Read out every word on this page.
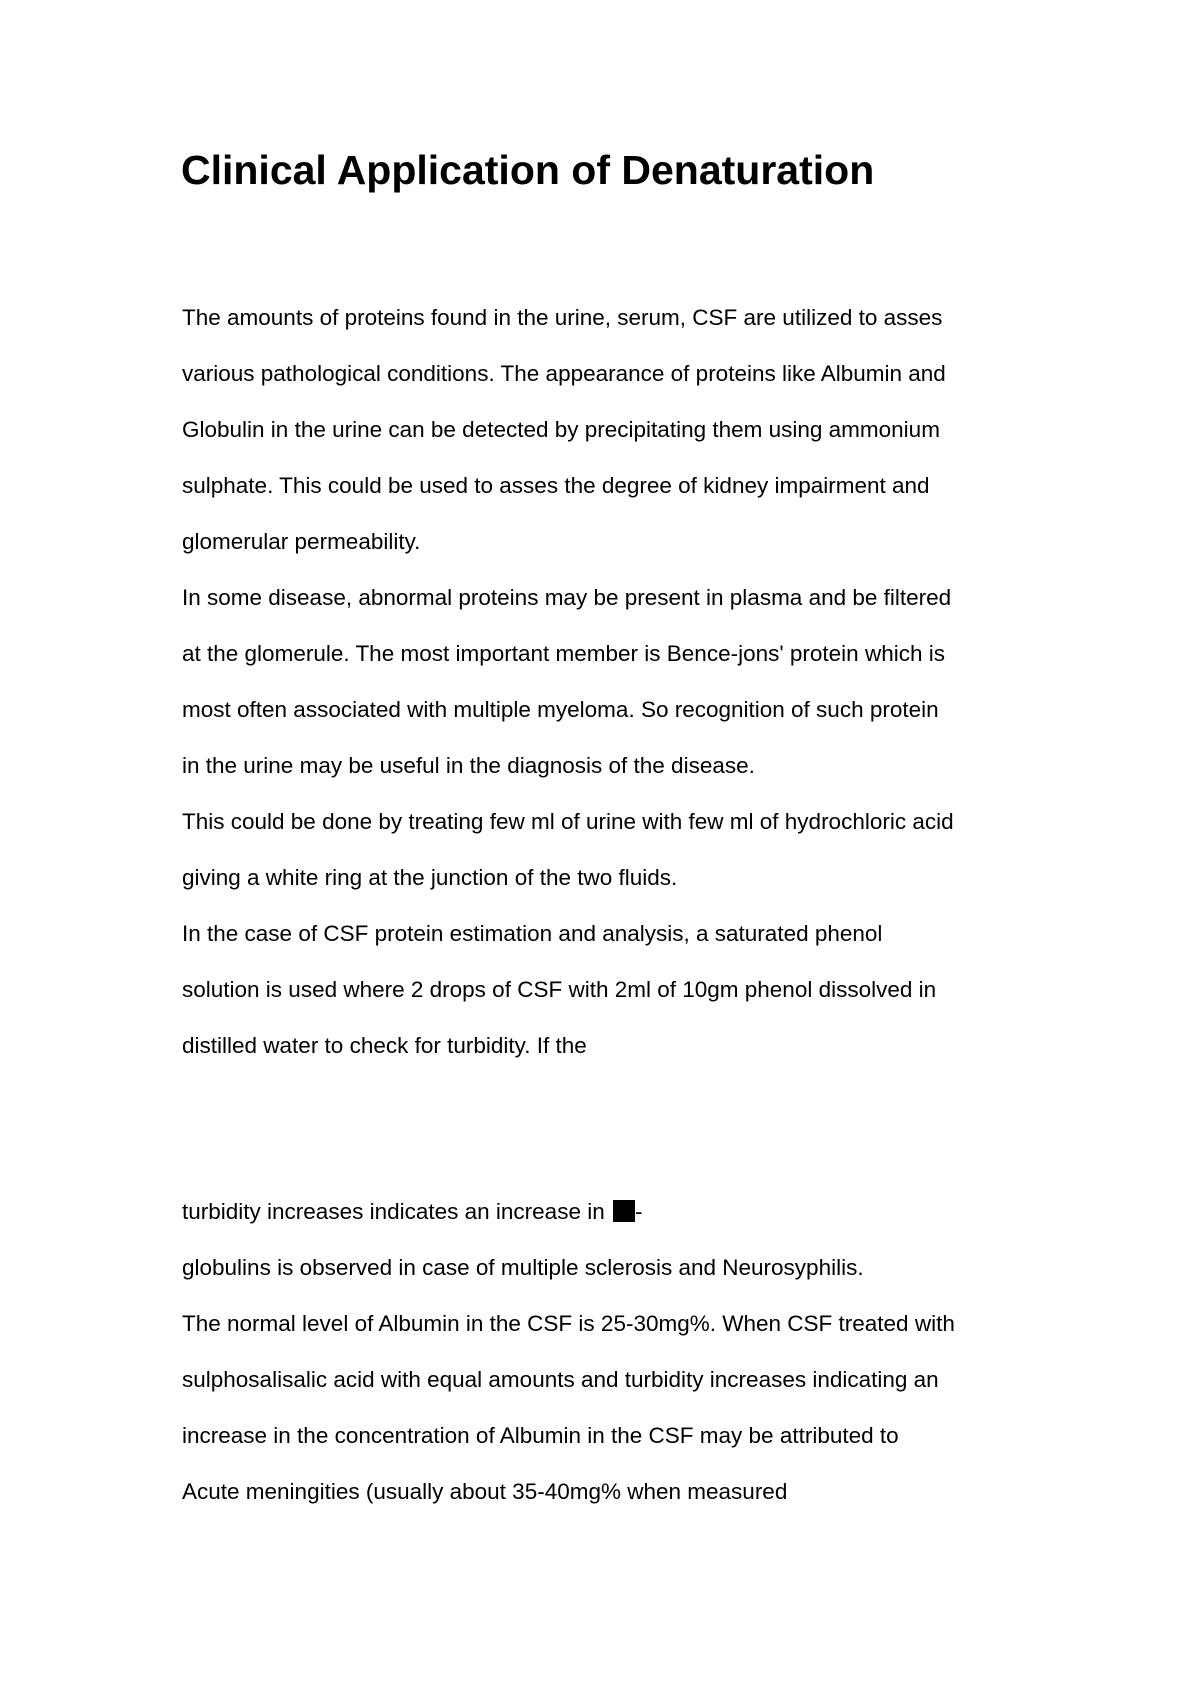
Clinical Application of Denaturation
The amounts of proteins found in the urine, serum, CSF are utilized to asses
various pathological conditions. The appearance of proteins like Albumin and
Globulin in the urine can be detected by precipitating them using ammonium
sulphate. This could be used to asses the degree of kidney impairment and
glomerular permeability.
In some disease, abnormal proteins may be present in plasma and be filtered
at the glomerule. The most important member is Bence-jons' protein which is
most often associated with multiple myeloma. So recognition of such protein
in the urine may be useful in the diagnosis of the disease.
This could be done by treating few ml of urine with few ml of hydrochloric acid
giving a white ring at the junction of the two fluids.
In the case of CSF protein estimation and analysis, a saturated phenol
solution is used where 2 drops of CSF with 2ml of 10gm phenol dissolved in
distilled water to check for turbidity. If the
turbidity increases indicates an increase in -
globulins is observed in case of multiple sclerosis and Neurosyphilis.
The normal level of Albumin in the CSF is 25-30mg%. When CSF treated with
sulphosalisalic acid with equal amounts and turbidity increases indicating an
increase in the concentration of Albumin in the CSF may be attributed to
Acute meningities (usually about 35-40mg% when measured
